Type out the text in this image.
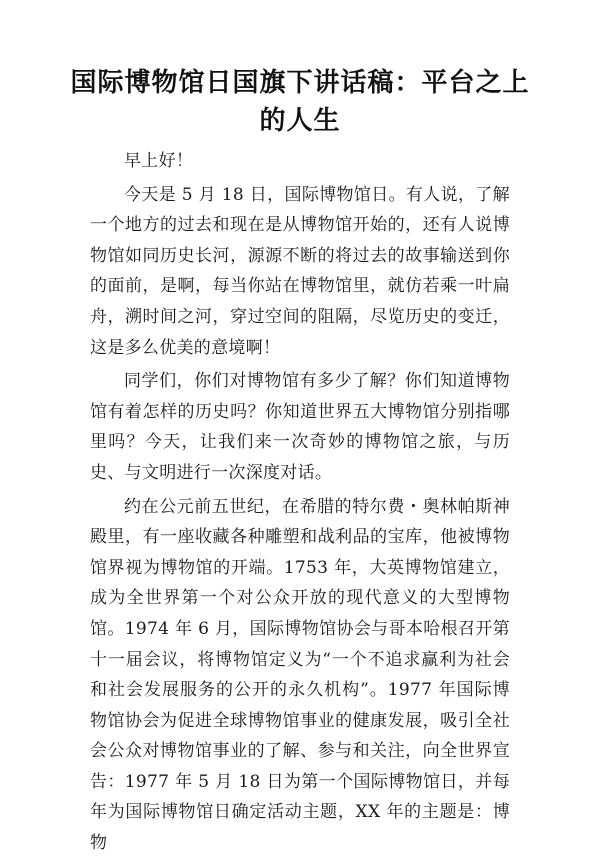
国际博物馆日国旗下讲话稿：平台之上的人生

早上好！

今天是 5 月 18 日，国际博物馆日。有人说，了解一个地方的过去和现在是从博物馆开始的，还有人说博物馆如同历史长河，源源不断的将过去的故事输送到你的面前，是啊，每当你站在博物馆里，就仿若乘一叶扁舟，溯时间之河，穿过空间的阻隔，尽览历史的变迁，这是多么优美的意境啊！

同学们，你们对博物馆有多少了解？你们知道博物馆有着怎样的历史吗？你知道世界五大博物馆分别指哪里吗？今天，让我们来一次奇妙的博物馆之旅，与历史、与文明进行一次深度对话。

约在公元前五世纪，在希腊的特尔费・奥林帕斯神殿里，有一座收藏各种雕塑和战利品的宝库，他被博物馆界视为博物馆的开端。1753 年，大英博物馆建立，成为全世界第一个对公众开放的现代意义的大型博物馆。1974 年 6 月，国际博物馆协会与哥本哈根召开第十一届会议，将博物馆定义为“一个不追求赢利为社会和社会发展服务的公开的永久机构”。1977 年国际博物馆协会为促进全球博物馆事业的健康发展，吸引全社会公众对博物馆事业的了解、参与和关注，向全世界宣告：1977 年 5 月 18 日为第一个国际博物馆日，并每年为国际博物馆日确定活动主题，XX 年的主题是：博物
